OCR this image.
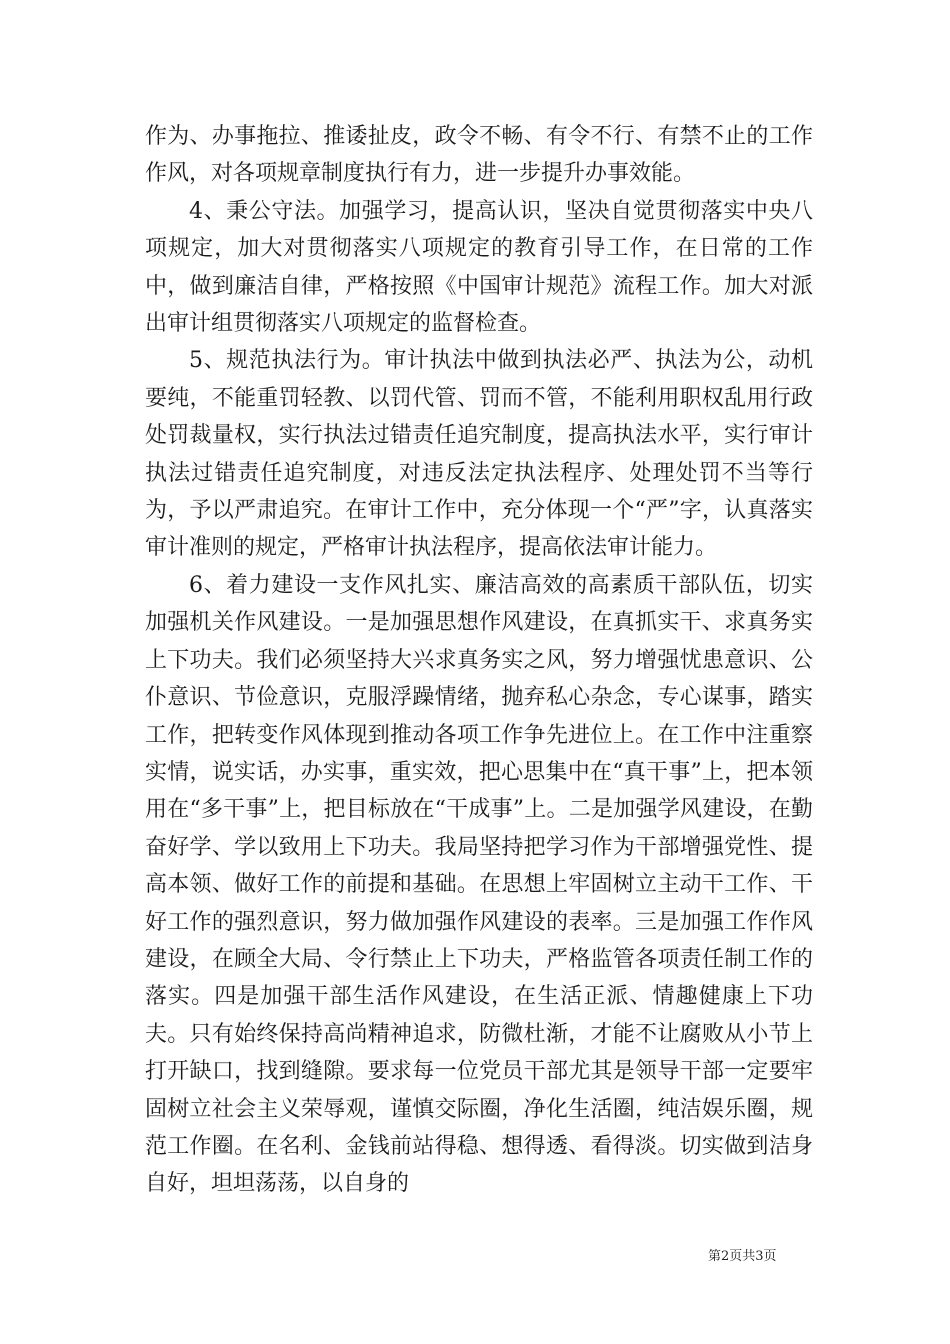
作为、办事拖拉、推诿扯皮，政令不畅、有令不行、有禁不止的工作作风，对各项规章制度执行有力，进一步提升办事效能。

4、秉公守法。加强学习，提高认识，坚决自觉贯彻落实中央八项规定，加大对贯彻落实八项规定的教育引导工作，在日常的工作中，做到廉洁自律，严格按照《中国审计规范》流程工作。加大对派出审计组贯彻落实八项规定的监督检查。

5、规范执法行为。审计执法中做到执法必严、执法为公，动机要纯，不能重罚轻教、以罚代管、罚而不管，不能利用职权乱用行政处罚裁量权，实行执法过错责任追究制度，提高执法水平，实行审计执法过错责任追究制度，对违反法定执法程序、处理处罚不当等行为，予以严肃追究。在审计工作中，充分体现一个“严”字，认真落实审计准则的规定，严格审计执法程序，提高依法审计能力。

6、着力建设一支作风扎实、廉洁高效的高素质干部队伍，切实加强机关作风建设。一是加强思想作风建设，在真抓实干、求真务实上下功夫。我们必须坚持大兴求真务实之风，努力增强忧患意识、公仆意识、节俭意识，克服浮躁情绪，抛弃私心杂念，专心谋事，踏实工作，把转变作风体现到推动各项工作争先进位上。在工作中注重察实情，说实话，办实事，重实效，把心思集中在“真干事”上，把本领用在“多干事”上，把目标放在“干成事”上。二是加强学风建设，在勤奋好学、学以致用上下功夫。我局坚持把学习作为干部增强党性、提高本领、做好工作的前提和基础。在思想上牢固树立主动干工作、干好工作的强烈意识，努力做加强作风建设的表率。三是加强工作作风建设，在顾全大局、令行禁止上下功夫，严格监管各项责任制工作的落实。四是加强干部生活作风建设，在生活正派、情趣健康上下功夫。只有始终保持高尚精神追求，防微杜渐，才能不让腐败从小节上打开缺口，找到缝隙。要求每一位党员干部尤其是领导干部一定要牢固树立社会主义荣辱观，谨慎交际圈，净化生活圈，纯洁娱乐圈，规范工作圈。在名利、金钱前站得稳、想得透、看得淡。切实做到洁身自好，坦坦荡荡，以自身的

第2页共3页
